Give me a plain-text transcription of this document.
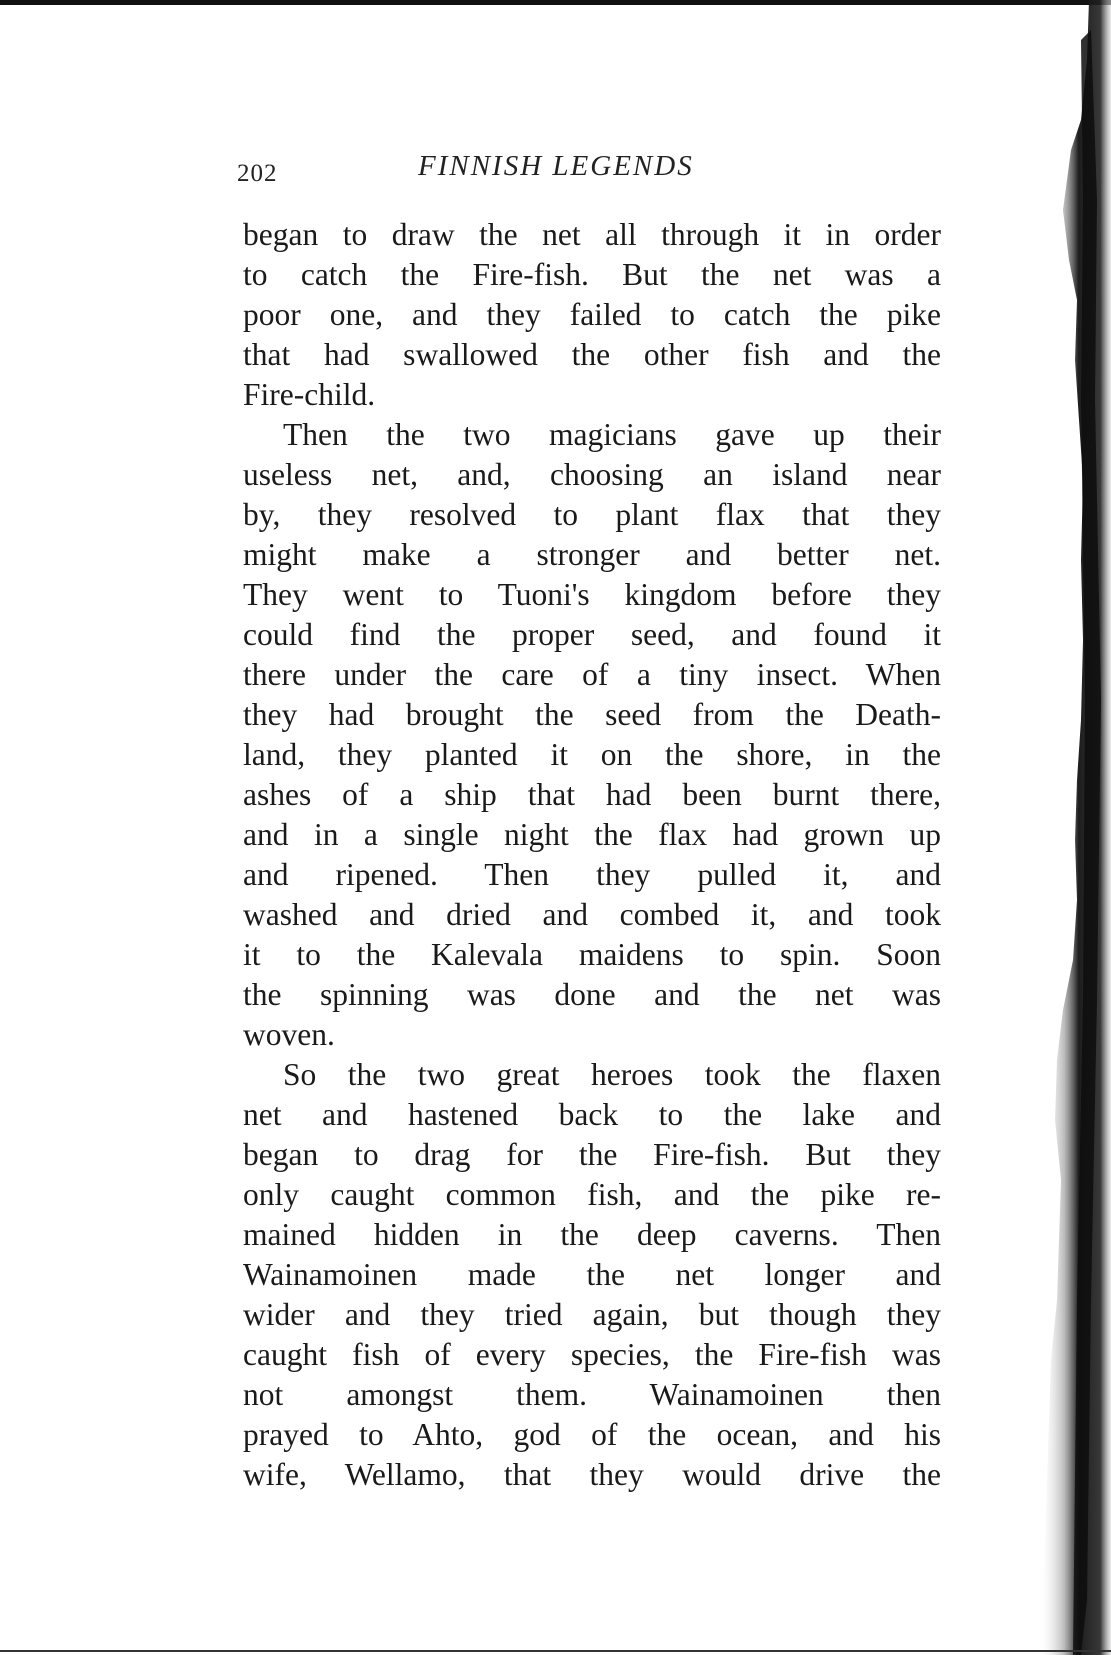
202	FINNISH LEGENDS
began to draw the net all through it in order
to catch the Fire-fish. But the net was a
poor one, and they failed to catch the pike
that had swallowed the other fish and the
Fire-child.
Then the two magicians gave up their
useless net, and, choosing an island near
by, they resolved to plant flax that they
might make a stronger and better net.
They went to Tuoni's kingdom before they
could find the proper seed, and found it
there under the care of a tiny insect. When
they had brought the seed from the Death-
land, they planted it on the shore, in the
ashes of a ship that had been burnt there,
and in a single night the flax had grown up
and ripened. Then they pulled it, and
washed and dried and combed it, and took
it to the Kalevala maidens to spin. Soon
the spinning was done and the net was
woven.
So the two great heroes took the flaxen
net and hastened back to the lake and
began to drag for the Fire-fish. But they
only caught common fish, and the pike re-
mained hidden in the deep caverns. Then
Wainamoinen made the net longer and
wider and they tried again, but though they
caught fish of every species, the Fire-fish was
not amongst them. Wainamoinen then
prayed to Ahto, god of the ocean, and his
wife, Wellamo, that they would drive the
